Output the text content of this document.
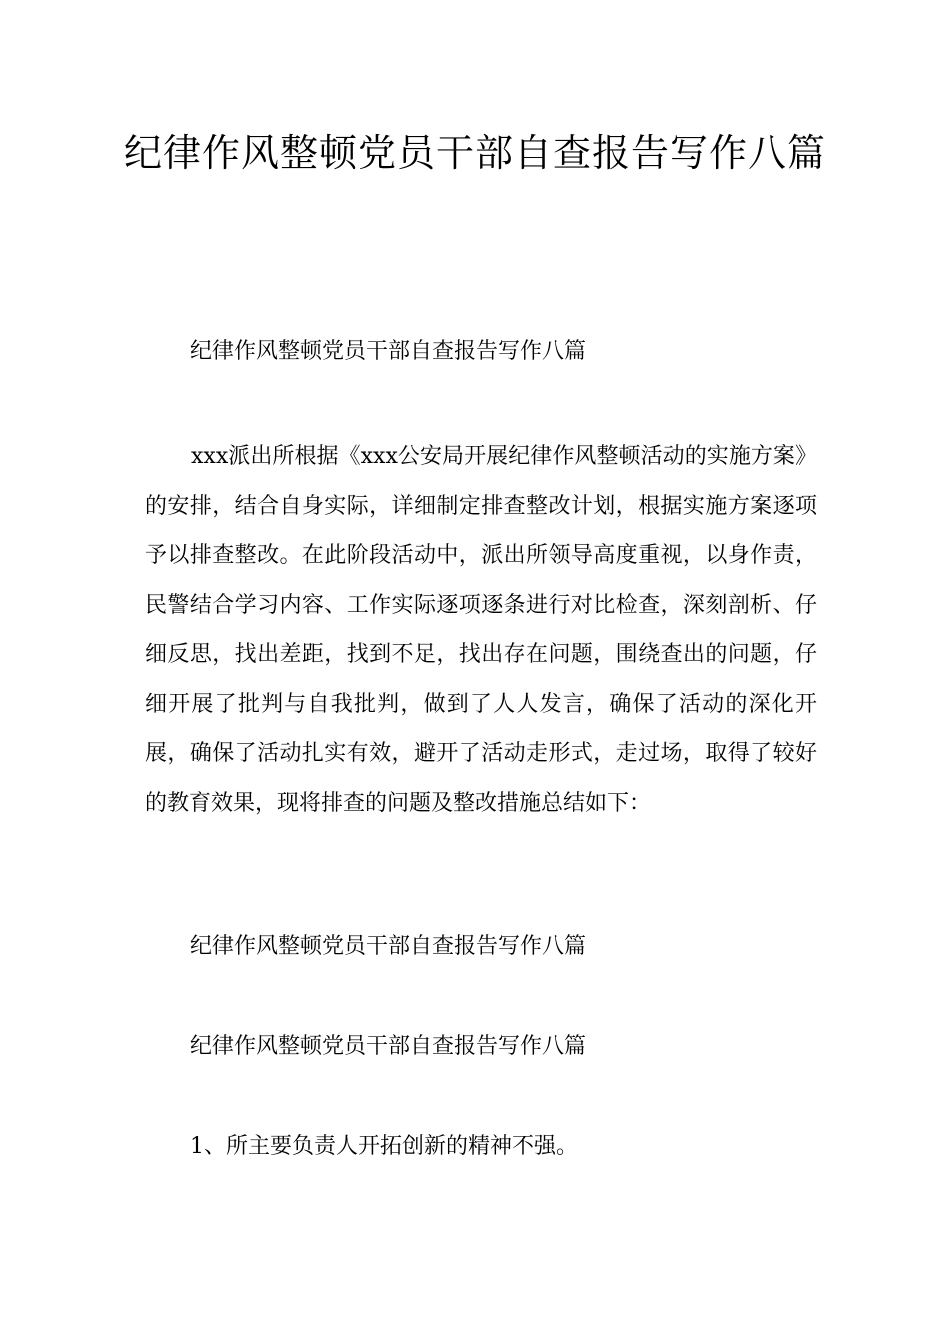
纪律作风整顿党员干部自查报告写作八篇

纪律作风整顿党员干部自查报告写作八篇

xxx派出所根据《xxx公安局开展纪律作风整顿活动的实施方案》的安排，结合自身实际，详细制定排查整改计划，根据实施方案逐项予以排查整改。在此阶段活动中，派出所领导高度重视，以身作责，民警结合学习内容、工作实际逐项逐条进行对比检查，深刻剖析、仔细反思，找出差距，找到不足，找出存在问题，围绕查出的问题，仔细开展了批判与自我批判，做到了人人发言，确保了活动的深化开展，确保了活动扎实有效，避开了活动走形式，走过场，取得了较好的教育效果，现将排查的问题及整改措施总结如下：

纪律作风整顿党员干部自查报告写作八篇

纪律作风整顿党员干部自查报告写作八篇

1、所主要负责人开拓创新的精神不强。
